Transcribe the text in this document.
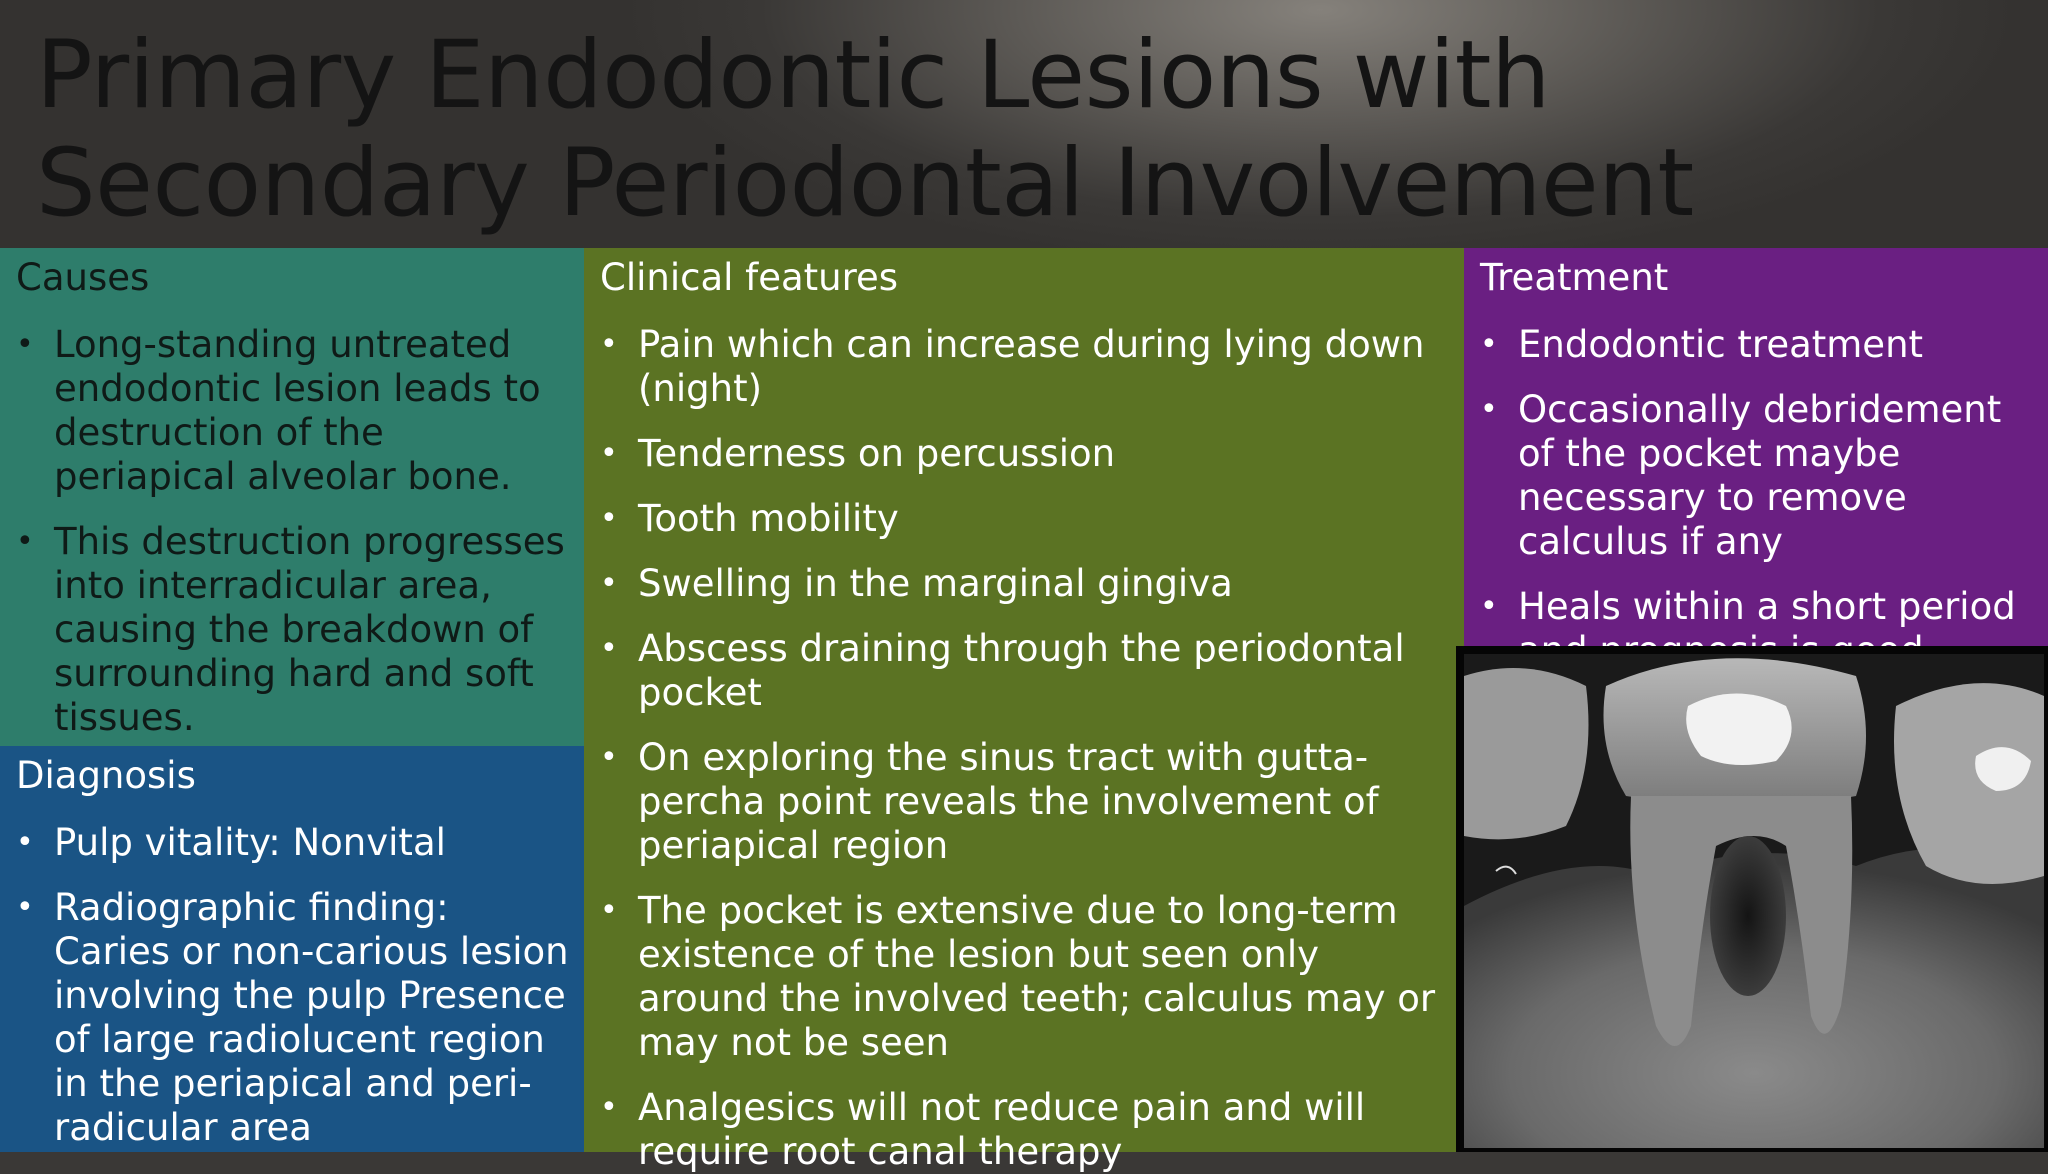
Primary Endodontic Lesions with
Secondary Periodontal Involvement
Causes
• Long-standing untreated endodontic lesion leads to destruction of the periapical alveolar bone.
• This destruction progresses into interradicular area, causing the breakdown of surrounding hard and soft tissues.
Diagnosis
• Pulp vitality: Nonvital
• Radiographic finding: Caries or non-carious lesion involving the pulp Presence of large radiolucent region in the periapical and peri-radicular area
Clinical features
• Pain which can increase during lying down (night)
• Tenderness on percussion
• Tooth mobility
• Swelling in the marginal gingiva
• Abscess draining through the periodontal pocket
• On exploring the sinus tract with gutta-percha point reveals the involvement of periapical region
• The pocket is extensive due to long-term existence of the lesion but seen only around the involved teeth; calculus may or may not be seen
• Analgesics will not reduce pain and will require root canal therapy
Treatment
• Endodontic treatment
• Occasionally debridement of the pocket maybe necessary to remove calculus if any
• Heals within a short period
